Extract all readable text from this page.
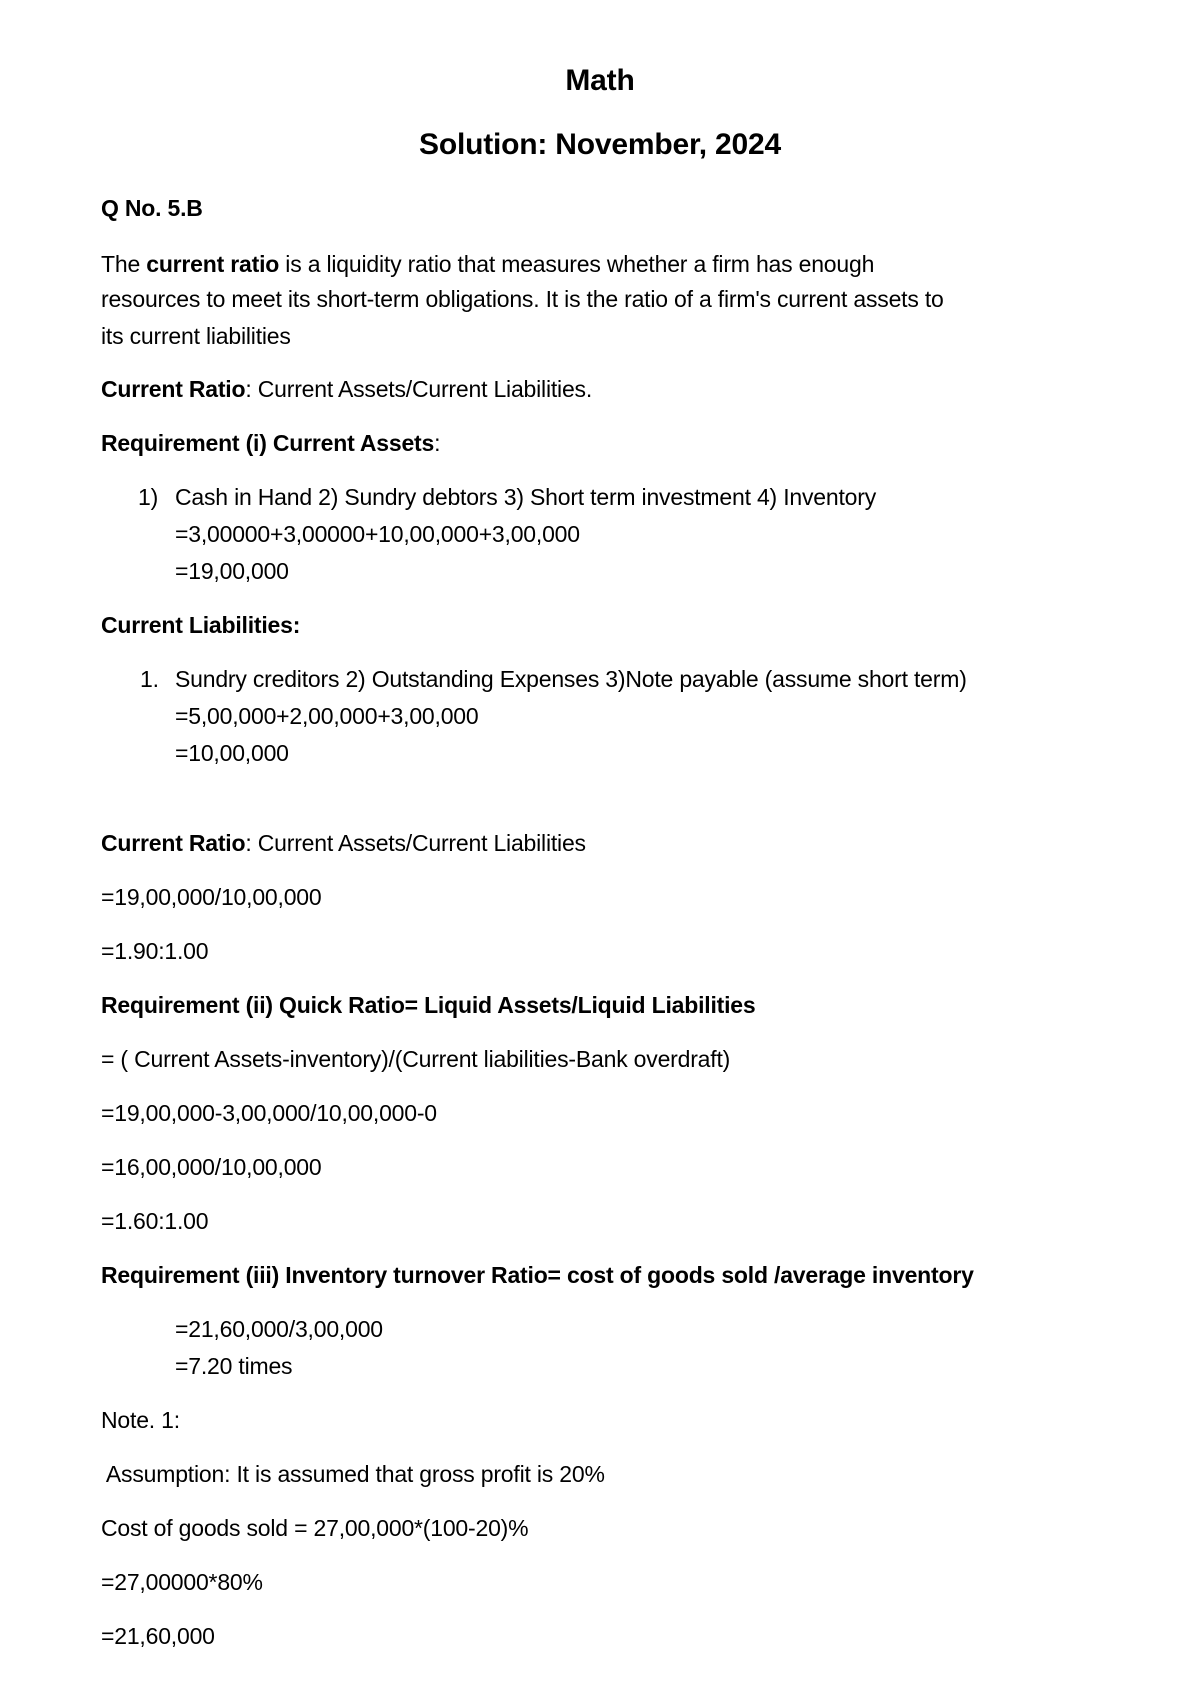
Math
Solution: November, 2024
Q No. 5.B
The current ratio is a liquidity ratio that measures whether a firm has enough
resources to meet its short-term obligations. It is the ratio of a firm's current assets to
its current liabilities
Current Ratio: Current Assets/Current Liabilities.
Requirement (i) Current Assets:
1) Cash in Hand 2) Sundry debtors 3) Short term investment 4) Inventory
=3,00000+3,00000+10,00,000+3,00,000
=19,00,000
Current Liabilities:
1. Sundry creditors 2) Outstanding Expenses 3)Note payable (assume short term)
=5,00,000+2,00,000+3,00,000
=10,00,000
Current Ratio: Current Assets/Current Liabilities
=19,00,000/10,00,000
=1.90:1.00
Requirement (ii) Quick Ratio= Liquid Assets/Liquid Liabilities
= ( Current Assets-inventory)/(Current liabilities-Bank overdraft)
=19,00,000-3,00,000/10,00,000-0
=16,00,000/10,00,000
=1.60:1.00
Requirement (iii) Inventory turnover Ratio= cost of goods sold /average inventory
=21,60,000/3,00,000
=7.20 times
Note. 1:
Assumption: It is assumed that gross profit is 20%
Cost of goods sold = 27,00,000*(100-20)%
=27,00000*80%
=21,60,000
